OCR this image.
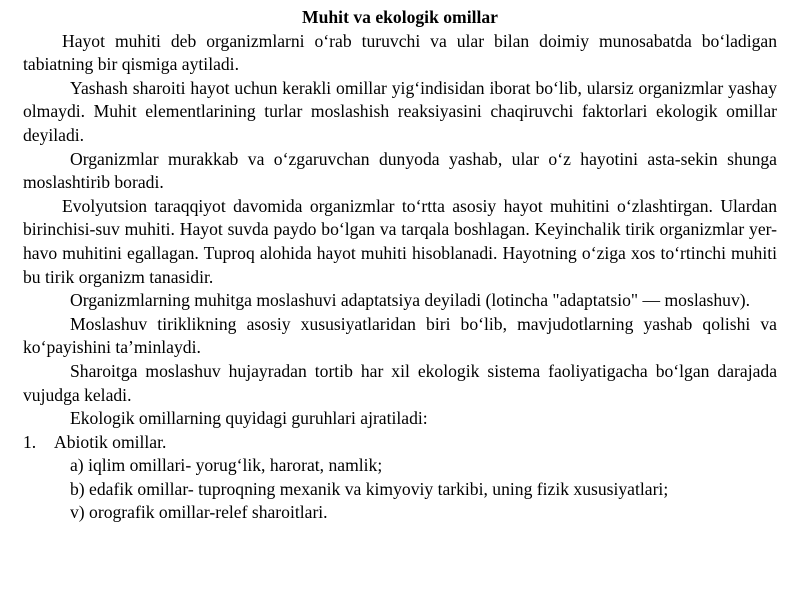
Muhit va ekologik omillar

Hayot muhiti deb organizmlarni o‘rab turuvchi va ular bilan doimiy munosabatda bo‘ladigan tabiatning bir qismiga aytiladi.

Yashash sharoiti hayot uchun kerakli omillar yig‘indisidan iborat bo‘lib, ularsiz organizmlar yashay olmaydi. Muhit elementlarining turlar moslashish reaksiyasini chaqiruvchi faktorlari ekologik omillar deyiladi.

Organizmlar murakkab va o‘zgaruvchan dunyoda yashab, ular o‘z hayotini asta-sekin shunga moslashtirib boradi.

Evolyutsion taraqqiyot davomida organizmlar to‘rtta asosiy hayot muhitini o‘zlashtirgan. Ulardan birinchisi-suv muhiti. Hayot suvda paydo bo‘lgan va tarqala boshlagan. Keyinchalik tirik organizmlar yer-havo muhitini egallagan. Tuproq alohida hayot muhiti hisoblanadi. Hayotning o‘ziga xos to‘rtinchi muhiti bu tirik organizm tanasidir.

Organizmlarning muhitga moslashuvi adaptatsiya deyiladi (lotincha "adaptatsio" — moslashuv).

Moslashuv tiriklikning asosiy xususiyatlaridan biri bo‘lib, mavjudotlarning yashab qolishi va ko‘payishini ta’minlaydi.

Sharoitga moslashuv hujayradan tortib har xil ekologik sistema faoliyatigacha bo‘lgan darajada vujudga keladi.

Ekologik omillarning quyidagi guruhlari ajratiladi:

1.	Abiotik omillar.

a) iqlim omillari- yorug‘lik, harorat, namlik;

b) edafik omillar- tuproqning mexanik va kimyoviy tarkibi, uning fizik xususiyatlari;

v) orografik omillar-relef sharoitlari.
